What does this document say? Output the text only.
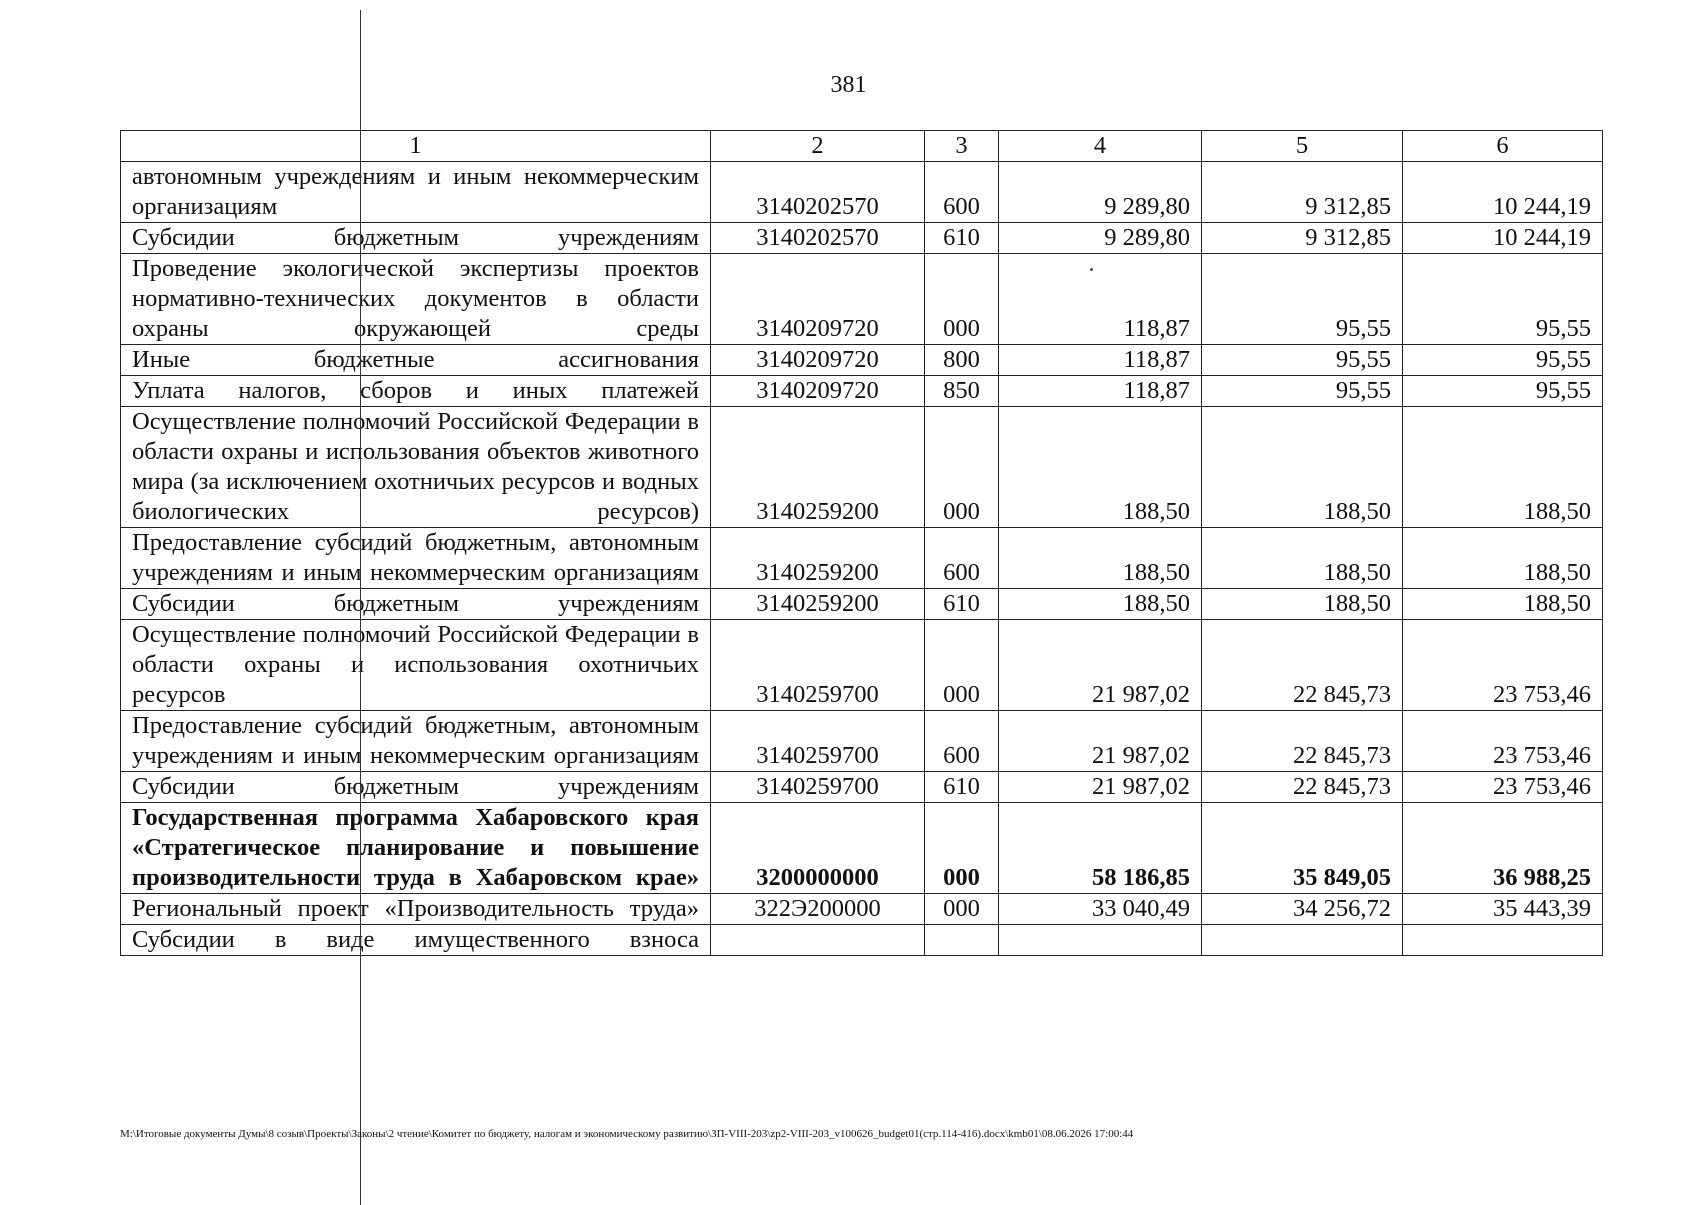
381
1	2	3	4	5	6
автономным учреждениям и иным некоммерческим организациям	3140202570	600	9 289,80	9 312,85	10 244,19
Субсидии бюджетным учреждениям	3140202570	610	9 289,80	9 312,85	10 244,19
Проведение экологической экспертизы проектов нормативно-технических документов в области охраны окружающей среды	3140209720	000	118,87	95,55	95,55
Иные бюджетные ассигнования	3140209720	800	118,87	95,55	95,55
Уплата налогов, сборов и иных платежей	3140209720	850	118,87	95,55	95,55
Осуществление полномочий Российской Федерации в области охраны и использования объектов животного мира (за исключением охотничьих ресурсов и водных биологических ресурсов)	3140259200	000	188,50	188,50	188,50
Предоставление субсидий бюджетным, автономным учреждениям и иным некоммерческим организациям	3140259200	600	188,50	188,50	188,50
Субсидии бюджетным учреждениям	3140259200	610	188,50	188,50	188,50
Осуществление полномочий Российской Федерации в области охраны и использования охотничьих ресурсов	3140259700	000	21 987,02	22 845,73	23 753,46
Предоставление субсидий бюджетным, автономным учреждениям и иным некоммерческим организациям	3140259700	600	21 987,02	22 845,73	23 753,46
Субсидии бюджетным учреждениям	3140259700	610	21 987,02	22 845,73	23 753,46
Государственная программа Хабаровского края «Стратегическое планирование и повышение производительности труда в Хабаровском крае»	3200000000	000	58 186,85	35 849,05	36 988,25
Региональный проект «Производительность труда»	322Э200000	000	33 040,49	34 256,72	35 443,39
Субсидии в виде имущественного взноса					
M:\Итоговые документы Думы\8 созыв\Проекты\Законы\2 чтение\Комитет по бюджету, налогам и экономическому развитию\ЗП-VIII-203\zp2-VIII-203_v100626_budget01(стр.114-416).docx\kmb01\08.06.2026 17:00:44
